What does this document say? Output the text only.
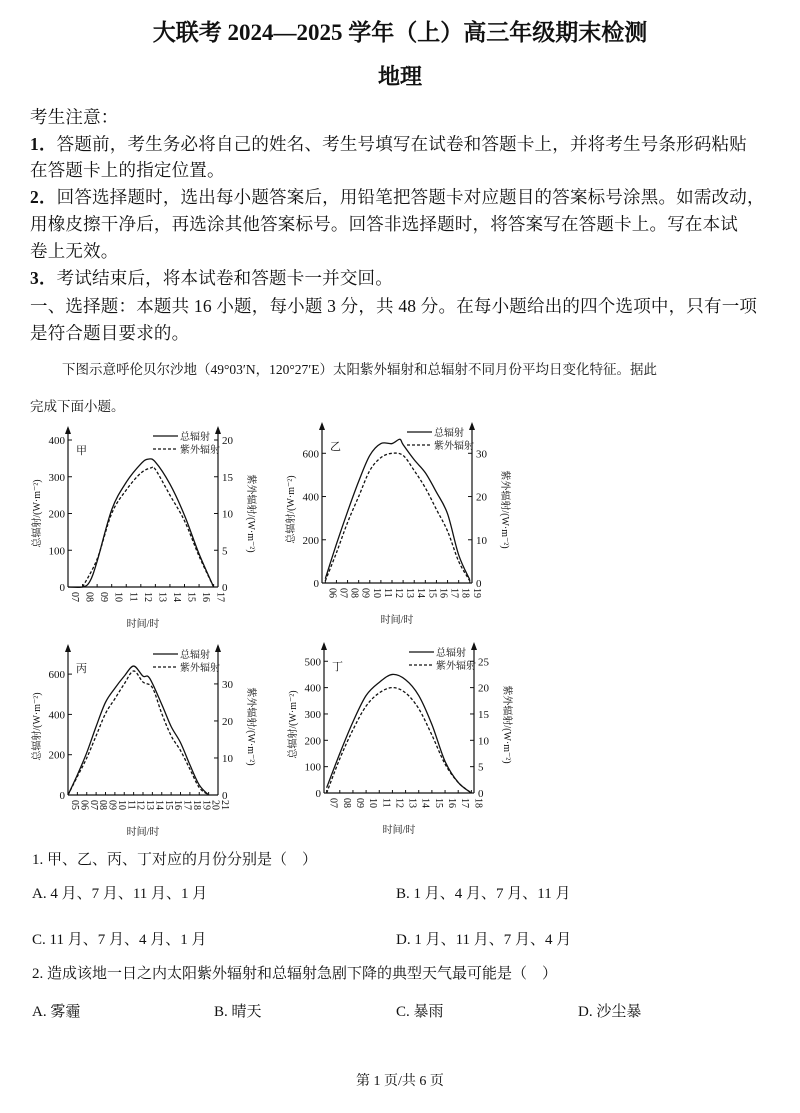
大联考 2024—2025 学年（上）高三年级期末检测
地理
考生注意：
1．答题前，考生务必将自己的姓名、考生号填写在试卷和答题卡上，并将考生号条形码粘贴
在答题卡上的指定位置。
2．回答选择题时，选出每小题答案后，用铅笔把答题卡对应题目的答案标号涂黑。如需改动，
用橡皮擦干净后，再选涂其他答案标号。回答非选择题时，将答案写在答题卡上。写在本试
卷上无效。
3．考试结束后，将本试卷和答题卡一并交回。
一、选择题：本题共 16 小题，每小题 3 分，共 48 分。在每小题给出的四个选项中，只有一项
是符合题目要求的。
下图示意呼伦贝尔沙地（49°03′N，120°27′E）太阳紫外辐射和总辐射不同月份平均日变化特征。据此
完成下面小题。
0
100
200
300
400
0
5
10
15
20
07 08 09 10 11 12 13 14 15 16 17
时间/时
总辐射/(W·m⁻²)	紫外辐射/(W·m⁻²)
甲
总辐射
紫外辐射
0
200
400
600
0
10
20
30
06 07 08 09 10 11 12 13 14 15 16 17 18 19
时间/时
总辐射/(W·m⁻²)	紫外辐射/(W·m⁻²)
乙
总辐射
紫外辐射
0
200
400
600
0
10
20
30
05
06
07
08
09
10
11
12
13
14
15
16
17
18
19
20
21
时间/时
总辐射/(W·m⁻²)	紫外辐射/(W·m⁻²)
丙
总辐射
紫外辐射
0
100
200
300
400
500
0
5
10
15
20
25
07 08 09 10 11 12 13 14 15 16 17 18
时间/时
总辐射/(W·m⁻²)	紫外辐射/(W·m⁻²)
丁
总辐射
紫外辐射
1. 甲、乙、丙、丁对应的月份分别是（　）
A. 4 月、7 月、11 月、1 月	B. 1 月、4 月、7 月、11 月
C. 11 月、7 月、4 月、1 月	D. 1 月、11 月、7 月、4 月
2. 造成该地一日之内太阳紫外辐射和总辐射急剧下降的典型天气最可能是（　）
A. 雾霾	B. 晴天	C. 暴雨	D. 沙尘暴
第 1 页/共 6 页
